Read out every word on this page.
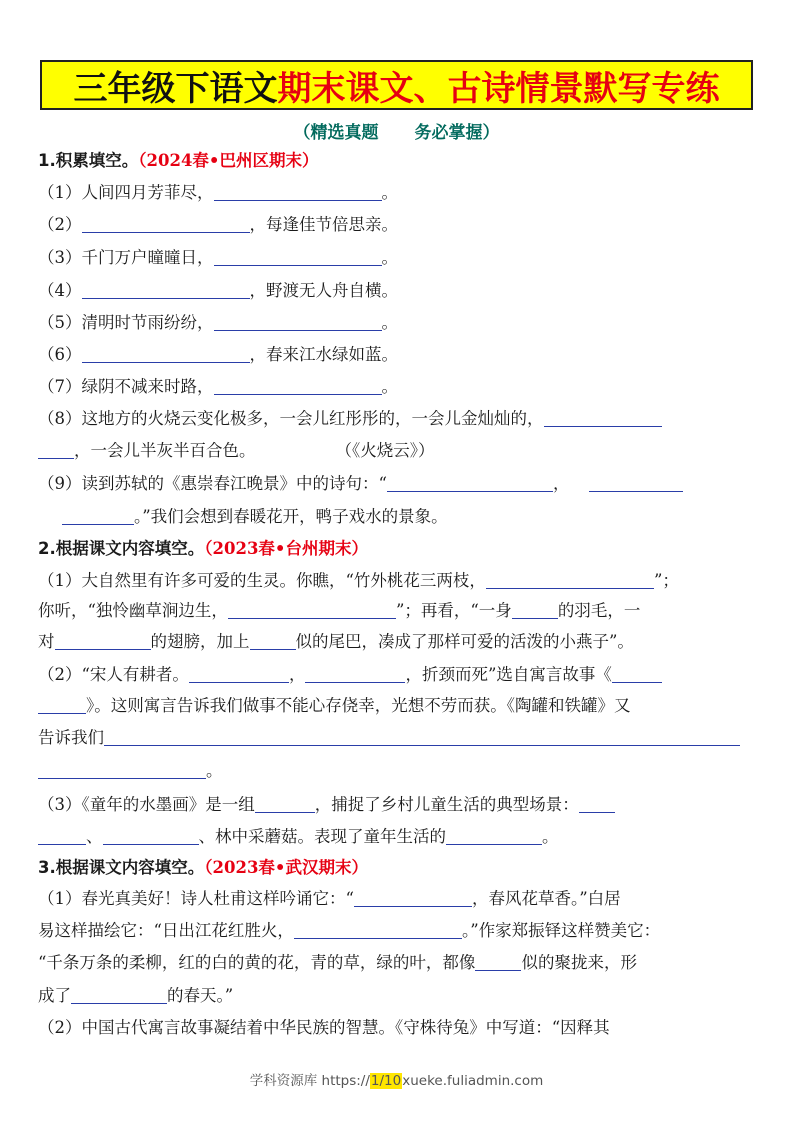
三年级下语文 期末课文、古诗情景默写专练
（精选真题 务必掌握）
1.积累填空。（2024春•巴州区期末）
（1）人间四月芳菲尽，	。
（2）	，每逢佳节倍思亲。
（3）千门万户曈曈日，	。
（4）	，野渡无人舟自横。
（5）清明时节雨纷纷，	。
（6）	，春来江水绿如蓝。
（7）绿阴不减来时路，	。
（8）这地方的火烧云变化极多，一会儿红彤彤的，一会儿金灿灿的，
，一会儿半灰半百合色。	（《火烧云》）
（9）读到苏轼的《惠崇春江晚景》中的诗句：“	，
。”我们会想到春暖花开，鸭子戏水的景象。
2.根据课文内容填空。（2023春•台州期末）
（1）大自然里有许多可爱的生灵。你瞧，“竹外桃花三两枝，	”；
你听，“独怜幽草涧边生，	”；再看，“一身	的羽毛，一
对	的翅膀，加上	似的尾巴，凑成了那样可爱的活泼的小燕子”。
（2）“宋人有耕者。	，	，折颈而死”选自寓言故事《
》。这则寓言告诉我们做事不能心存侥幸，光想不劳而获。《陶罐和铁罐》又
告诉我们
。
（3）《童年的水墨画》是一组	，捕捉了乡村儿童生活的典型场景：
、	、林中采蘑菇。表现了童年生活的	。
3.根据课文内容填空。（2023春•武汉期末）
（1）春光真美好！诗人杜甫这样吟诵它：“	，春风花草香。”白居
易这样描绘它：“日出江花红胜火，	。”作家郑振铎这样赞美它：
“千条万条的柔柳，红的白的黄的花，青的草，绿的叶，都像	似的聚拢来，形
成了	的春天。”
（2）中国古代寓言故事凝结着中华民族的智慧。《守株待兔》中写道：“因释其
学科资源库 https://1/10xueke.fuliadmin.com
